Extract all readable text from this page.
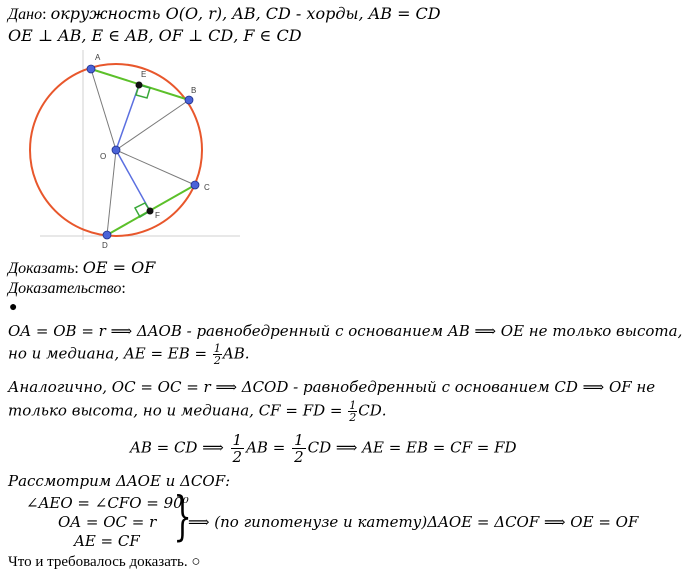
Дано: окружность 𝑂(𝑂, 𝑟), 𝐴𝐵, 𝐶𝐷 - хорды, 𝐴𝐵 = 𝐶𝐷
𝑂𝐸 ⊥ 𝐴𝐵, 𝐸 ∈ 𝐴𝐵, 𝑂𝐹 ⊥ 𝐶𝐷, 𝐹 ∈ 𝐶𝐷
A
B
C
D
E
F
O
Доказать: 𝑂𝐸 = 𝑂𝐹
Доказательство:
●
𝑂𝐴 = 𝑂𝐵 = 𝑟 ⟹ Δ𝐴𝑂𝐵 - равнобедренный с основанием 𝐴𝐵 ⟹ 𝑂𝐸 не только высота,
но и медиана, 𝐴𝐸 = 𝐸𝐵 = $\frac{1}{2}$ 𝐴𝐵.
Аналогично, 𝑂𝐶 = 𝑂𝐶 = 𝑟 ⟹ Δ𝐶𝑂𝐷 - равнобедренный с основанием 𝐶𝐷 ⟹ 𝑂𝐹 не
только высота, но и медиана, 𝐶𝐹 = 𝐹𝐷 = $\frac{1}{2}$ 𝐶𝐷.
𝐴𝐵 = 𝐶𝐷 ⟹ $\frac{1}{2}$ 𝐴𝐵 = $\frac{1}{2}$ 𝐶𝐷 ⟹ 𝐴𝐸 = 𝐸𝐵 = 𝐶𝐹 = 𝐹𝐷
Рассмотрим Δ𝐴𝑂𝐸 и Δ𝐶𝑂𝐹:
∠𝐴𝐸𝑂 = ∠𝐶𝐹𝑂 = 90⁰
𝑂𝐴 = 𝑂𝐶 = 𝑟
𝐴𝐸 = 𝐶𝐹 }
⟹ (по гипотенузе и катету)Δ𝐴𝑂𝐸 = Δ𝐶𝑂𝐹 ⟹ 𝑂𝐸 = 𝑂𝐹
Что и требовалось доказать. ○
